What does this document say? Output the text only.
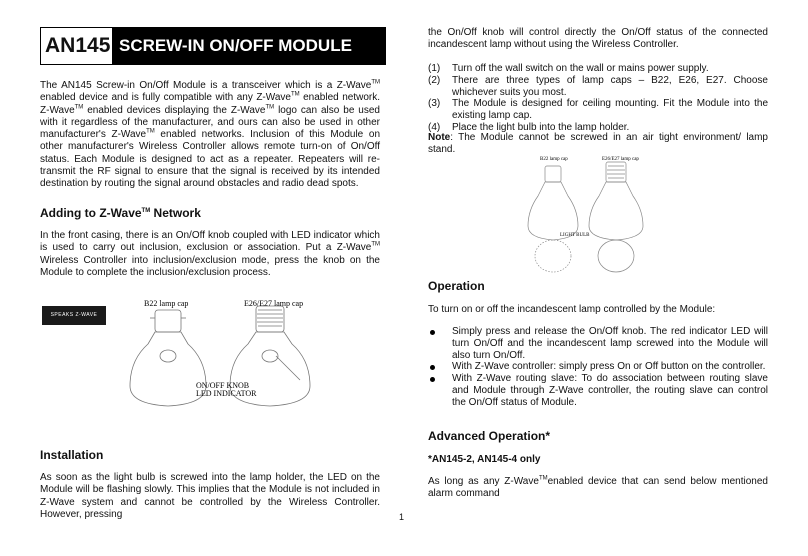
AN145 SCREW-IN ON/OFF MODULE

The AN145 Screw-in On/Off Module is a transceiver which is a Z-Wave™ enabled device and is fully compatible with any Z-Wave™ enabled network. Z-Wave™ enabled devices displaying the Z-Wave™ logo can also be used with it regardless of the manufacturer, and ours can also be used in other manufacturer's Z-Wave™ enabled networks. Inclusion of this Module on other manufacturer's Wireless Controller allows remote turn-on of On/Off status. Each Module is designed to act as a repeater. Repeaters will re-transmit the RF signal to ensure that the signal is received by its intended destination by routing the signal around obstacles and radio dead spots.

Adding to Z-Wave™ Network

In the front casing, there is an On/Off knob coupled with LED indicator which is used to carry out inclusion, exclusion or association. Put a Z-Wave™ Wireless Controller into inclusion/exclusion mode, press the knob on the Module to complete the inclusion/exclusion process.

SPEAKS Z-WAVE
B22 lamp cap	E26/E27 lamp cap
ON/OFF KNOB
LED INDICATOR
Installation

As soon as the light bulb is screwed into the lamp holder, the LED on the Module will be flashing slowly. This implies that the Module is not included in Z-Wave system and cannot be controlled by the Wireless Controller. However, pressing

the On/Off knob will control directly the On/Off status of the connected incandescent lamp without using the Wireless Controller.

(1) Turn off the wall switch on the wall or mains power supply.
(2) There are three types of lamp caps – B22, E26, E27. Choose whichever suits you most.
(3) The Module is designed for ceiling mounting. Fit the Module into the existing lamp cap.
(4) Place the light bulb into the lamp holder.

Note: The Module cannot be screwed in an air tight environment/ lamp stand.

B22 lamp cap	E26/E27 lamp cap
LIGHT BULB
Operation

To turn on or off the incandescent lamp controlled by the Module:

Simply press and release the On/Off knob. The red indicator LED will turn On/Off and the incandescent lamp screwed into the Module will also turn On/Off.
With Z-Wave controller: simply press On or Off button on the controller.
With Z-Wave routing slave: To do association between routing slave and Module through Z-Wave controller, the routing slave can control the On/Off status of Module.
Advanced Operation*

*AN145-2, AN145-4 only

As long as any Z-Wave™enabled device that can send below mentioned alarm command

1
